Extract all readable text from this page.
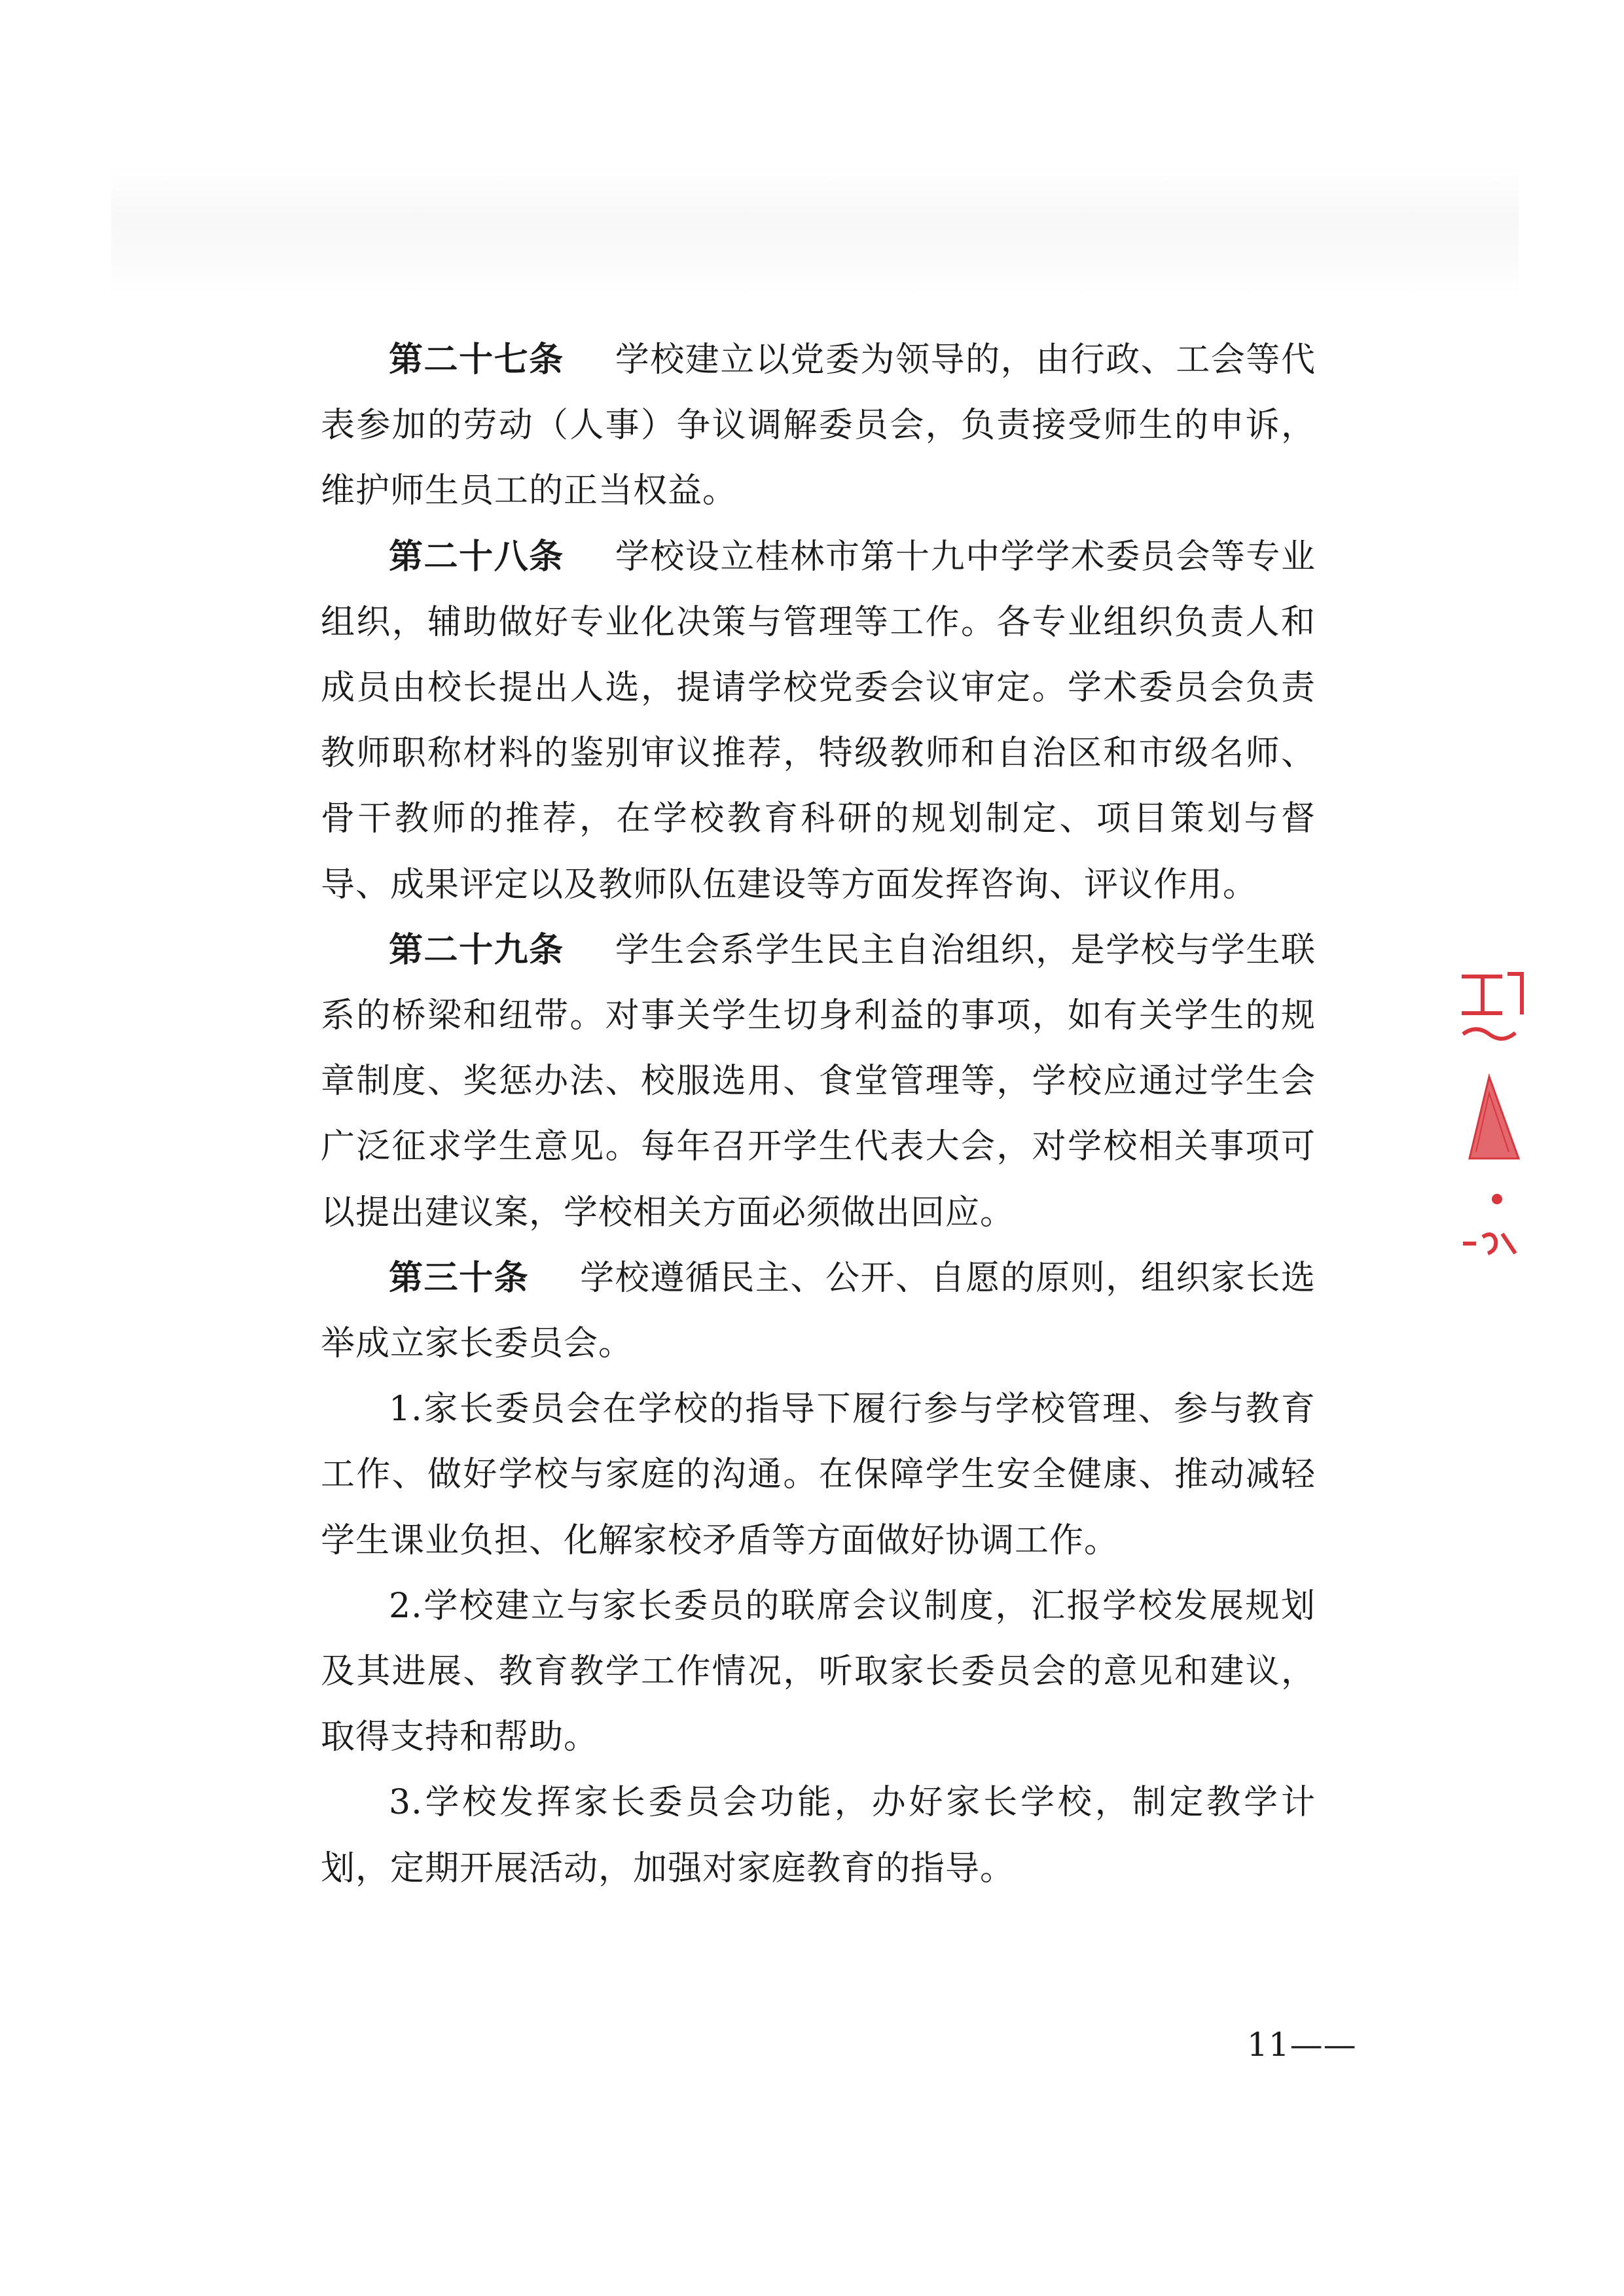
第二十七条 学校建立以党委为领导的，由行政、工会等代表参加的劳动（人事）争议调解委员会，负责接受师生的申诉，维护师生员工的正当权益。

第二十八条 学校设立桂林市第十九中学学术委员会等专业组织，辅助做好专业化决策与管理等工作。各专业组织负责人和成员由校长提出人选，提请学校党委会议审定。学术委员会负责教师职称材料的鉴别审议推荐，特级教师和自治区和市级名师、骨干教师的推荐，在学校教育科研的规划制定、项目策划与督导、成果评定以及教师队伍建设等方面发挥咨询、评议作用。

第二十九条 学生会系学生民主自治组织，是学校与学生联系的桥梁和纽带。对事关学生切身利益的事项，如有关学生的规章制度、奖惩办法、校服选用、食堂管理等，学校应通过学生会广泛征求学生意见。每年召开学生代表大会，对学校相关事项可以提出建议案，学校相关方面必须做出回应。

第三十条 学校遵循民主、公开、自愿的原则，组织家长选举成立家长委员会。

1.家长委员会在学校的指导下履行参与学校管理、参与教育工作、做好学校与家庭的沟通。在保障学生安全健康、推动减轻学生课业负担、化解家校矛盾等方面做好协调工作。

2.学校建立与家长委员的联席会议制度，汇报学校发展规划及其进展、教育教学工作情况，听取家长委员会的意见和建议，取得支持和帮助。

3.学校发挥家长委员会功能，办好家长学校，制定教学计划，定期开展活动，加强对家庭教育的指导。

11——
